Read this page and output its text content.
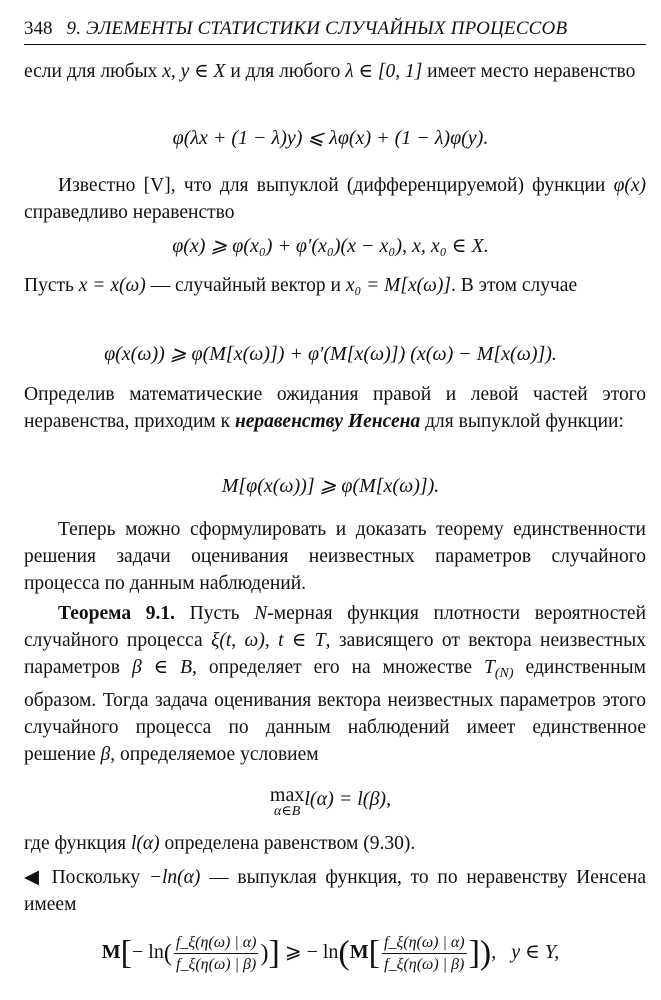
348 9. ЭЛЕМЕНТЫ СТАТИСТИКИ СЛУЧАЙНЫХ ПРОЦЕССОВ
если для любых x, y ∈ X и для любого λ ∈ [0, 1] имеет место неравенство
φ(λx + (1 − λ)y) ⩽ λφ(x) + (1 − λ)φ(y).
Известно [V], что для выпуклой (дифференцируемой) функции φ(x) справедливо неравенство
φ(x) ⩾ φ(x₀) + φ′(x₀)(x − x₀), x, x₀ ∈ X.
Пусть x = x(ω) — случайный вектор и x₀ = M[x(ω)]. В этом случае
φ(x(ω)) ⩾ φ(M[x(ω)]) + φ′(M[x(ω)]) (x(ω) − M[x(ω)]).
Определив математические ожидания правой и левой частей этого неравенства, приходим к неравенству Иенсена для выпуклой функции:
M[φ(x(ω))] ⩾ φ(M[x(ω)]).
Теперь можно сформулировать и доказать теорему единственности решения задачи оценивания неизвестных параметров случайного процесса по данным наблюдений.
Теорема 9.1. Пусть N-мерная функция плотности вероятностей случайного процесса ξ(t, ω), t ∈ T, зависящего от вектора неизвестных параметров β ∈ B, определяет его на множестве $T_{(N)}$ единственным образом. Тогда задача оценивания вектора неизвестных параметров этого случайного процесса по данным наблюдений имеет единственное решение β, определяемое условием
max
α∈B
l(α) = l(β),
где функция l(α) определена равенством (9.30).
◀ Поскольку −ln(α) — выпуклая функция, то по неравенству Иенсена имеем
$M[- \ln( \frac{f\_\xi(\eta(\omega) | \alpha)}{f\_\xi(\eta(\omega) | \beta)}$ )] ⩾ − $\ln(M[ \frac{f\_\xi(\eta(\omega) | \alpha)}{f\_\xi(\eta(\omega) | \beta)}$ ]),   y ∈ Y,
